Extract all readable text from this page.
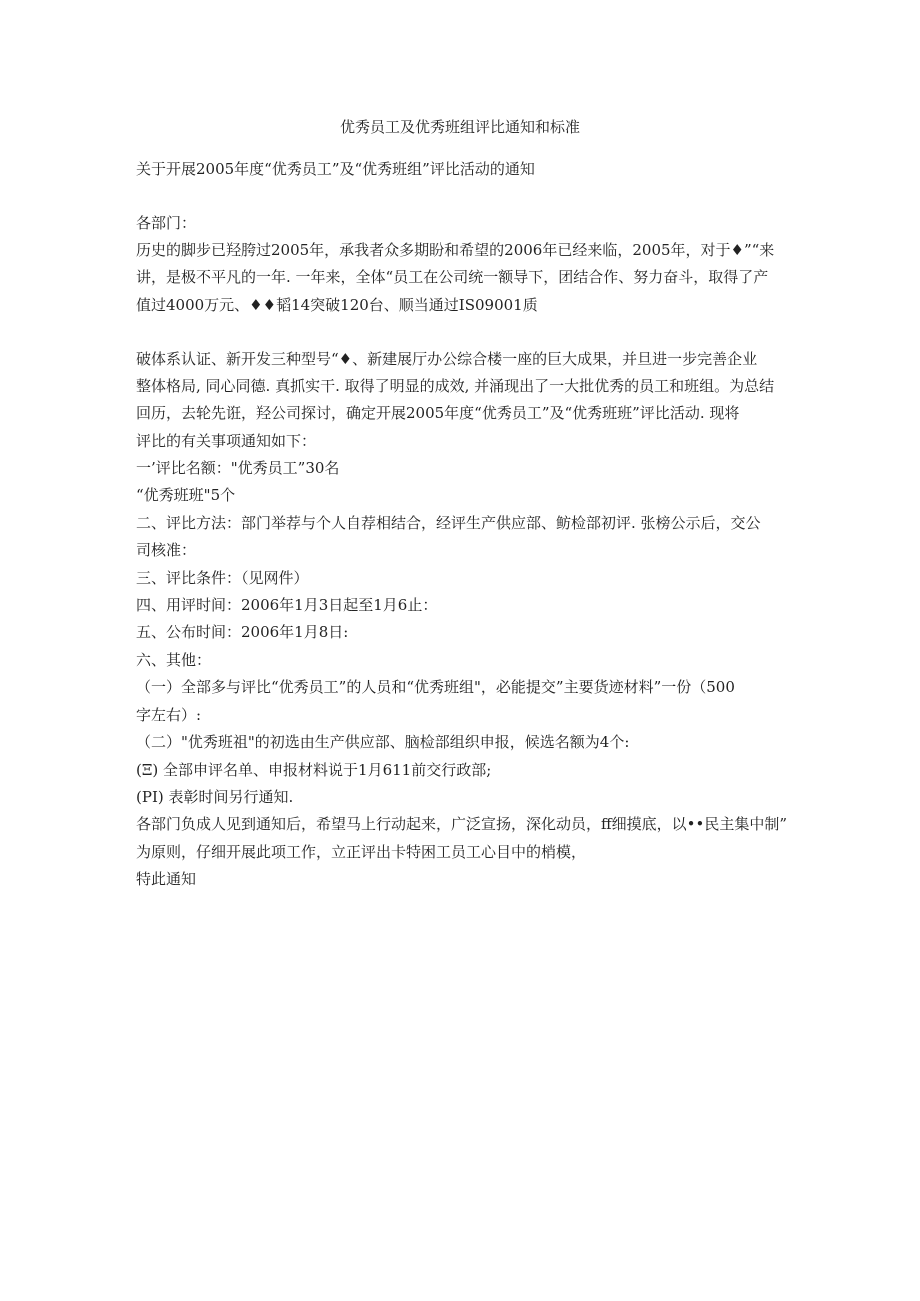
优秀员工及优秀班组评比通知和标准
关于开展2005年度“优秀员工”及“优秀班组”评比活动的通知
各部门：
历史的脚步已羟胯过2005年，承我者众多期盼和希望的2006年已经来临，2005年，对于♦”“来
讲，是极不平凡的一年. 一年来，全体“员工在公司统一额导下，团结合作、努力奋斗，取得了产
值过4000万元、♦♦韬14突破120台、顺当通过IS09001质
破体系认证、新开发三种型号“♦、新建展厅办公综合楼一座的巨大成果，并旦进一步完善企业
整体格局, 同心同德. 真抓实干. 取得了明显的成效, 并涌现出了一大批优秀的员工和班组。为总结
回历，去轮先诳，羟公司探讨，确定开展2005年度“优秀员工”及“优秀班班”评比活动. 现将
评比的有关事项通知如下：
一’评比名额："优秀员工”30名
“优秀班班"5个
二、评比方法：部门举荐与个人自荐相结合，经评生产供应部、鲂检部初评. 张榜公示后，交公
司核准：
三、评比条件：（见网件）
四、用评时间：2006年1月3日起至1月6止：
五、公布时间：2006年1月8日:
六、其他：
（一）全部多与评比“优秀员工”的人员和“优秀班组"，必能提交”主要货迹材料”一份（500
字左右）:
（二）"优秀班祖"的初选由生产供应部、脑检部组织申报，候选名额为4个:
(Ξ) 全部申评名单、申报材料说于1月611前交行政部;
(PI) 表彰时间另行通知.
各部门负成人见到通知后，希望马上行动起来，广泛宣扬，深化动员，ff细摸底，以••民主集中制”
为原则，仔细开展此项工作，立正评出卡特困工员工心目中的梢模，
特此通知
